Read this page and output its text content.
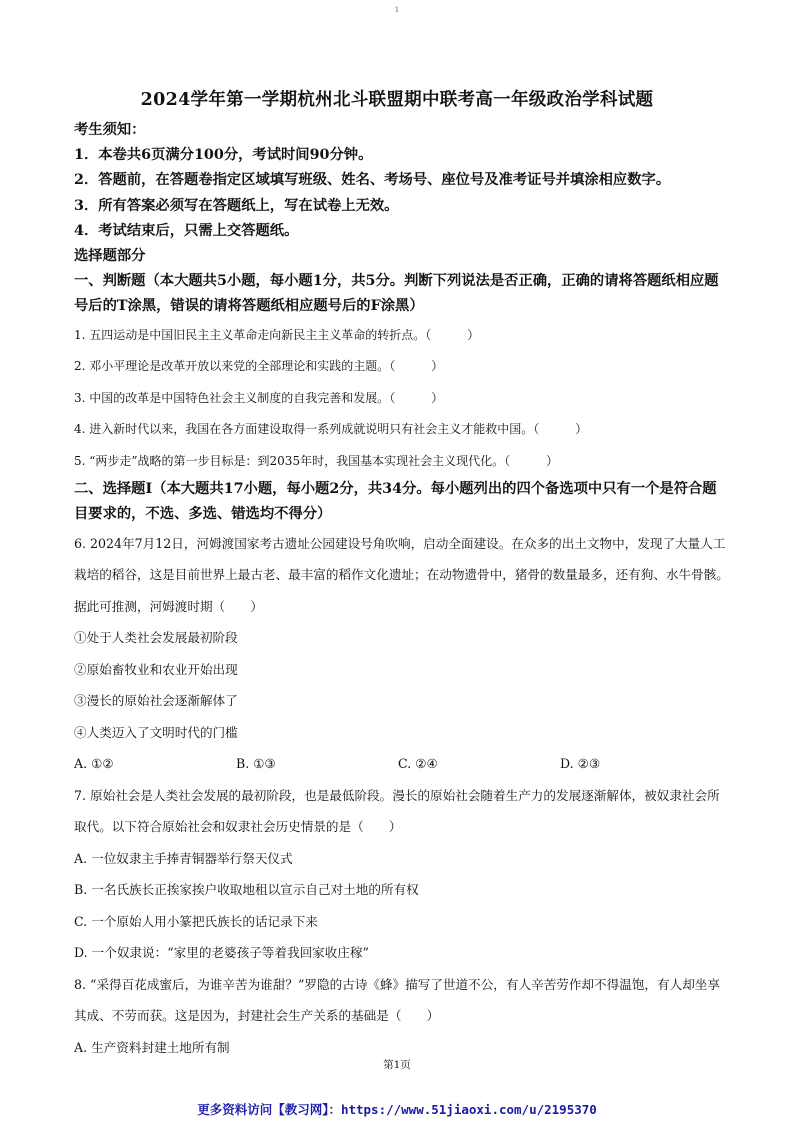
1
2024学年第一学期杭州北斗联盟期中联考高一年级政治学科试题
考生须知：
1．本卷共6页满分100分，考试时间90分钟。
2．答题前，在答题卷指定区域填写班级、姓名、考场号、座位号及准考证号并填涂相应数字。
3．所有答案必须写在答题纸上，写在试卷上无效。
4．考试结束后，只需上交答题纸。
选择题部分
一、判断题（本大题共5小题，每小题1分，共5分。判断下列说法是否正确，正确的请将答题纸相应题号后的T涂黑，错误的请将答题纸相应题号后的F涂黑）
1. 五四运动是中国旧民主主义革命走向新民主主义革命的转折点。（　　　）
2. 邓小平理论是改革开放以来党的全部理论和实践的主题。（　　　）
3. 中国的改革是中国特色社会主义制度的自我完善和发展。（　　　）
4. 进入新时代以来，我国在各方面建设取得一系列成就说明只有社会主义才能救中国。（　　　）
5. “两步走”战略的第一步目标是：到2035年时，我国基本实现社会主义现代化。（　　　）
二、选择题Ⅰ（本大题共17小题，每小题2分，共34分。每小题列出的四个备选项中只有一个是符合题目要求的，不选、多选、错选均不得分）
6. 2024年7月12日，河姆渡国家考古遗址公园建设号角吹响，启动全面建设。在众多的出土文物中，发现了大量人工栽培的稻谷，这是目前世界上最古老、最丰富的稻作文化遗址；在动物遗骨中，猪骨的数量最多，还有狗、水牛骨骸。据此可推测，河姆渡时期（　　）
①处于人类社会发展最初阶段
②原始畜牧业和农业开始出现
③漫长的原始社会逐渐解体了
④人类迈入了文明时代的门槛
A. ①②	B. ①③	C. ②④	D. ②③
7. 原始社会是人类社会发展的最初阶段，也是最低阶段。漫长的原始社会随着生产力的发展逐渐解体，被奴隶社会所取代。以下符合原始社会和奴隶社会历史情景的是（　　）
A. 一位奴隶主手捧青铜器举行祭天仪式
B. 一名氏族长正挨家挨户收取地租以宣示自己对土地的所有权
C. 一个原始人用小篆把氏族长的话记录下来
D. 一个奴隶说：“家里的老婆孩子等着我回家收庄稼”
8. “采得百花成蜜后，为谁辛苦为谁甜？”罗隐的古诗《蜂》描写了世道不公，有人辛苦劳作却不得温饱，有人却坐享其成、不劳而获。这是因为，封建社会生产关系的基础是（　　）
A. 生产资料封建土地所有制
第1页
更多资料访问【教习网】：https://www.51jiaoxi.com/u/2195370
